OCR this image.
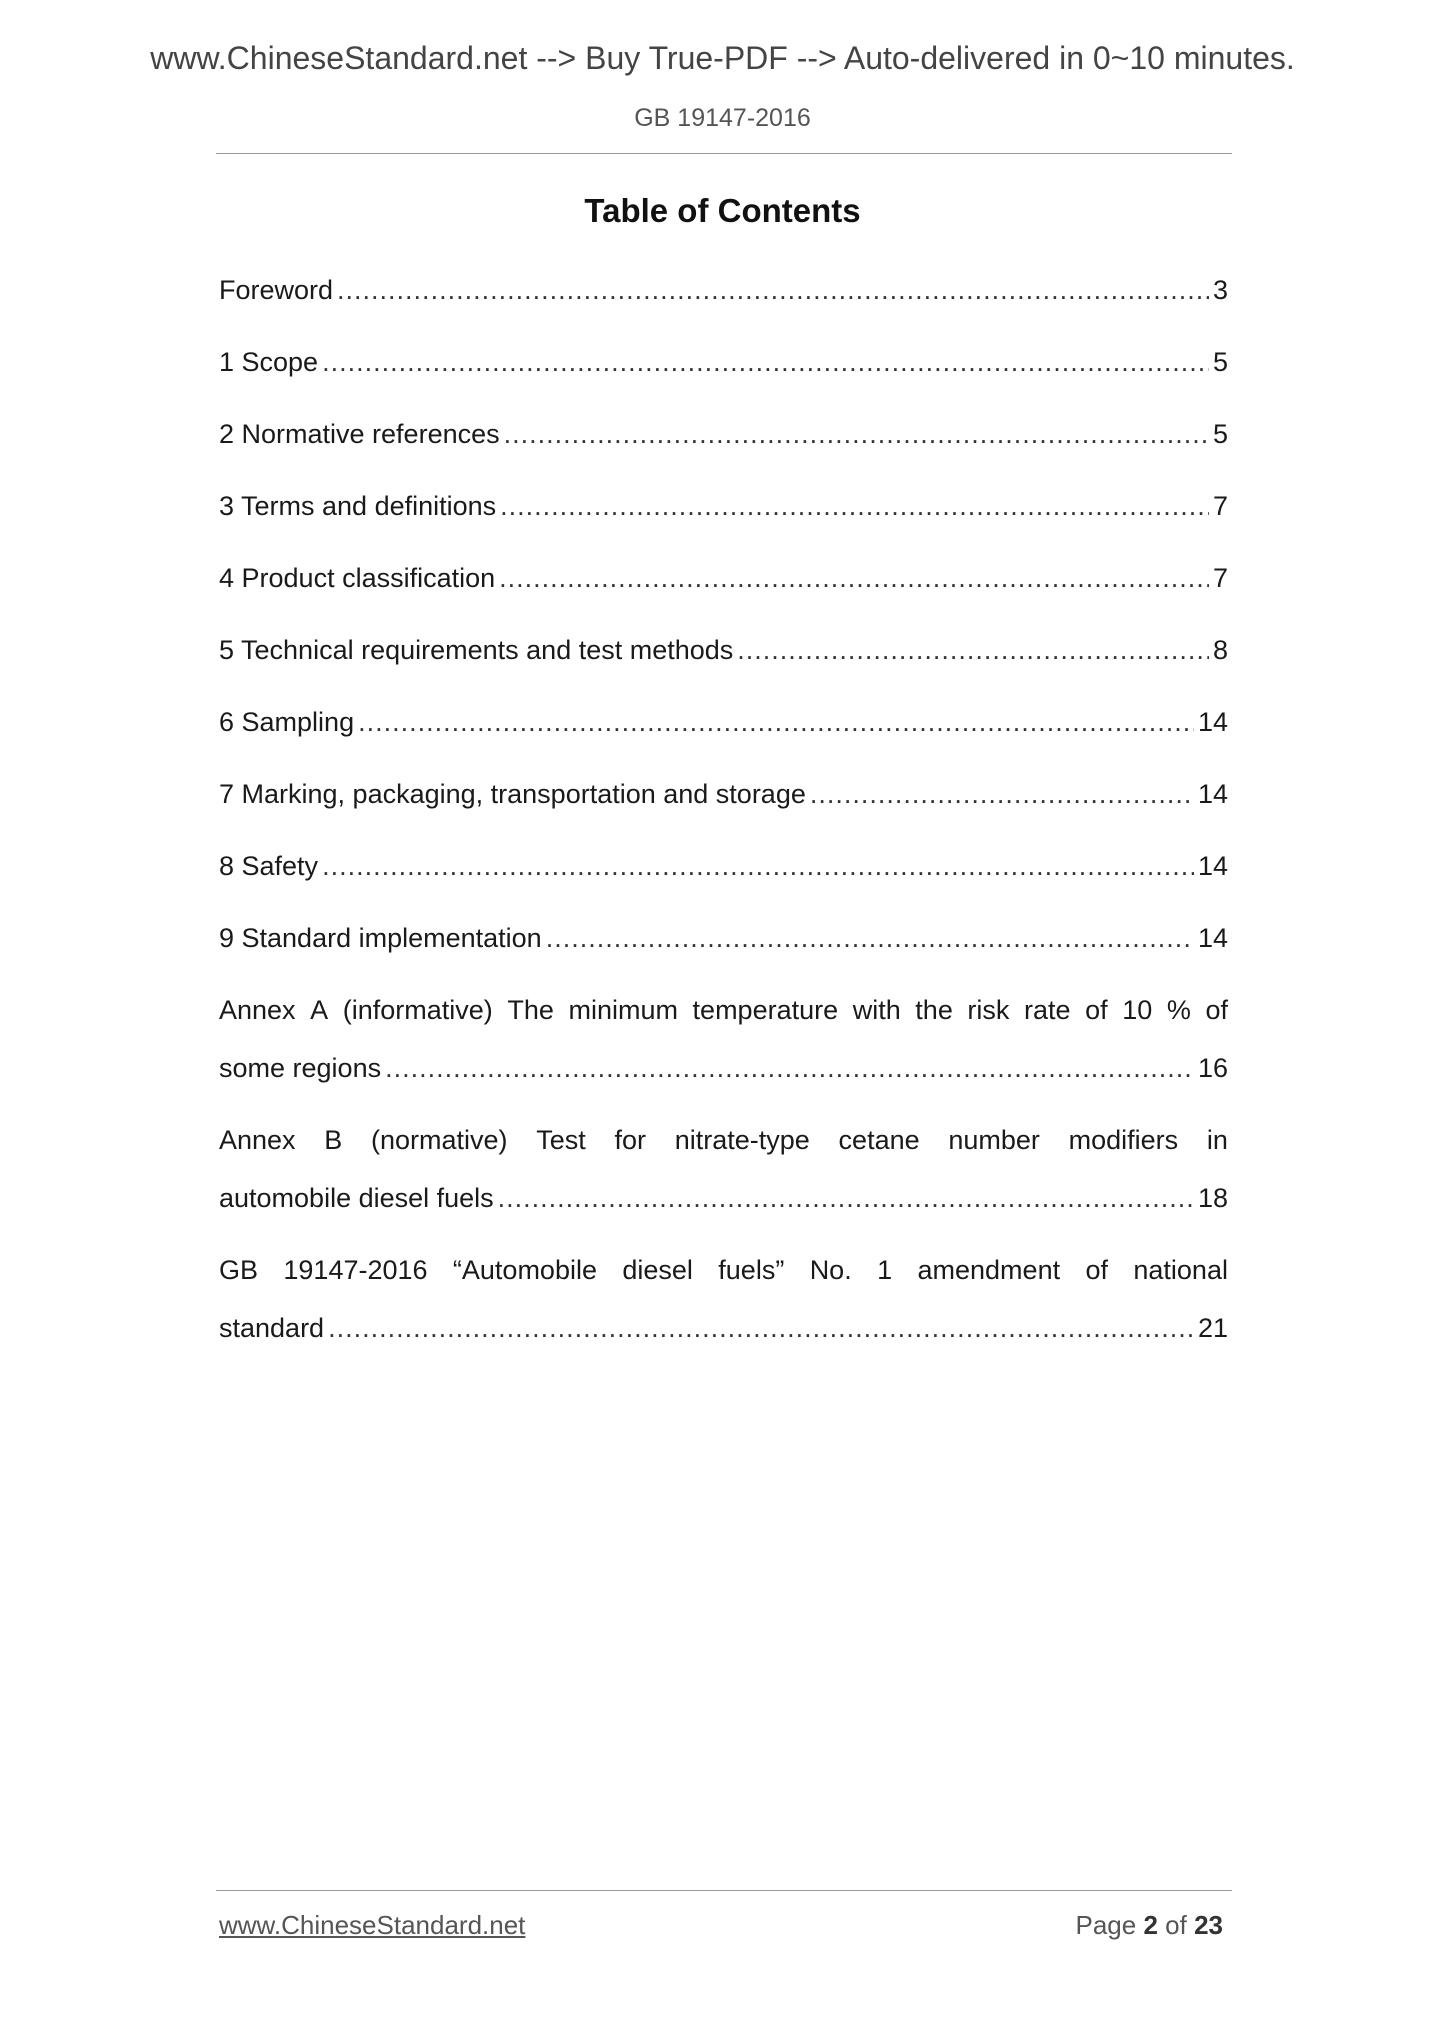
www.ChineseStandard.net --> Buy True-PDF --> Auto-delivered in 0~10 minutes.
GB 19147-2016
Table of Contents
Foreword .....	3
1 Scope .....	5
2 Normative references .....	5
3 Terms and definitions .....	7
4 Product classification .....	7
5 Technical requirements and test methods .....	8
6 Sampling .....	14
7 Marking, packaging, transportation and storage .....	14
8 Safety .....	14
9 Standard implementation .....	14
Annex A (informative) The minimum temperature with the risk rate of 10 % of
some regions .....	16
Annex B (normative) Test for nitrate-type cetane number modifiers in
automobile diesel fuels .....	18
GB 19147-2016 “Automobile diesel fuels” No. 1 amendment of national
standard .....	21
www.ChineseStandard.net	Page 2 of 23
